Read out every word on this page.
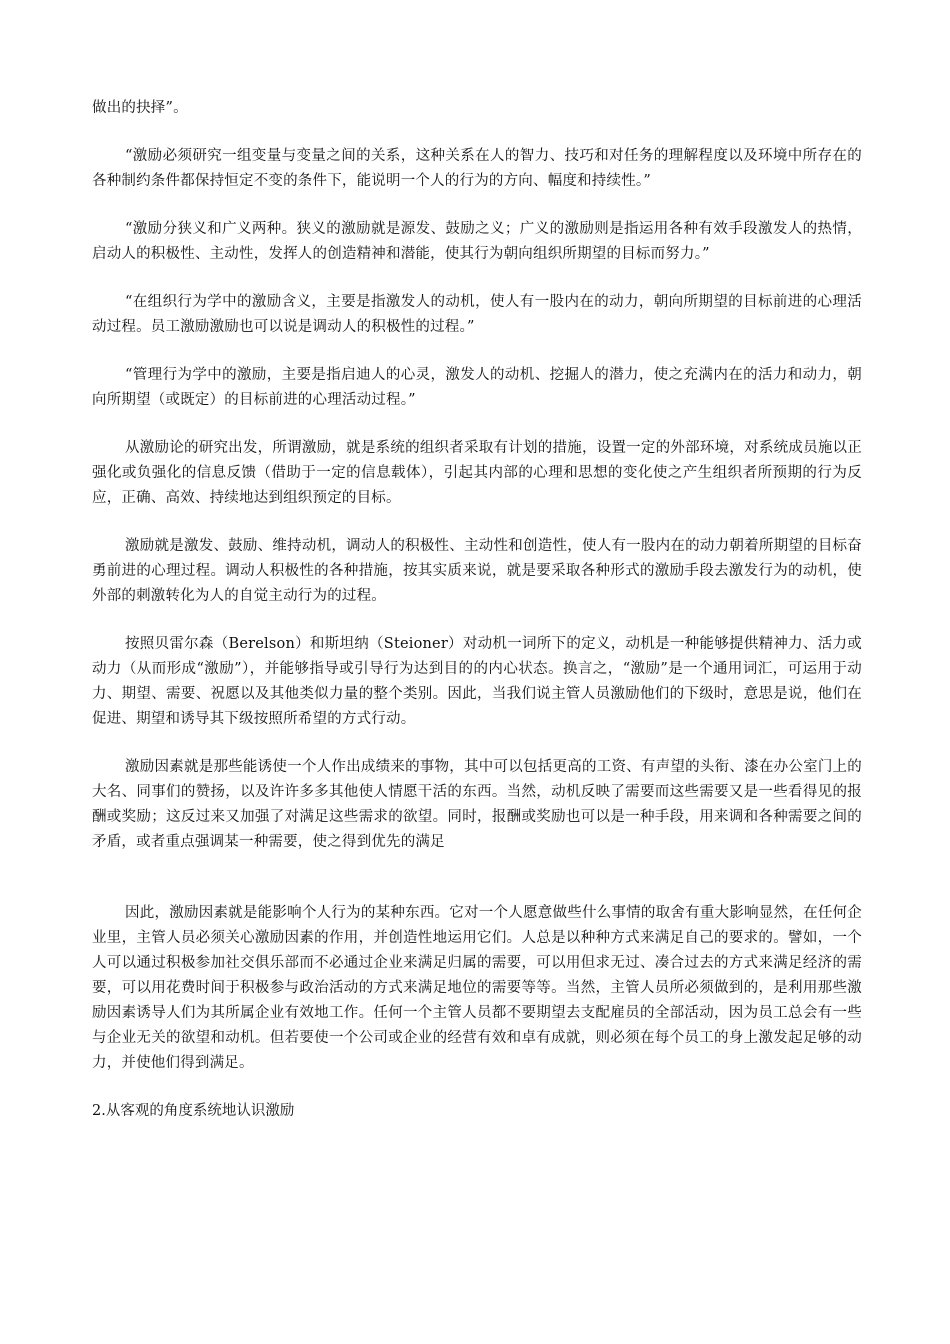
做出的抉择”。

“激励必须研究一组变量与变量之间的关系，这种关系在人的智力、技巧和对任务的理解程度以及环境中所存在的各种制约条件都保持恒定不变的条件下，能说明一个人的行为的方向、幅度和持续性。”

“激励分狭义和广义两种。狭义的激励就是源发、鼓励之义；广义的激励则是指运用各种有效手段激发人的热情，启动人的积极性、主动性，发挥人的创造精神和潜能，使其行为朝向组织所期望的目标而努力。”

“在组织行为学中的激励含义，主要是指激发人的动机，使人有一股内在的动力，朝向所期望的目标前进的心理活动过程。员工激励激励也可以说是调动人的积极性的过程。”

“管理行为学中的激励，主要是指启迪人的心灵，激发人的动机、挖掘人的潜力，使之充满内在的活力和动力，朝向所期望（或既定）的目标前进的心理活动过程。”

从激励论的研究出发，所谓激励，就是系统的组织者采取有计划的措施，设置一定的外部环境，对系统成员施以正强化或负强化的信息反馈（借助于一定的信息载体），引起其内部的心理和思想的变化使之产生组织者所预期的行为反应，正确、高效、持续地达到组织预定的目标。

激励就是激发、鼓励、维持动机，调动人的积极性、主动性和创造性，使人有一股内在的动力朝着所期望的目标奋勇前进的心理过程。调动人积极性的各种措施，按其实质来说，就是要采取各种形式的激励手段去激发行为的动机，使外部的刺激转化为人的自觉主动行为的过程。

按照贝雷尔森（Berelson）和斯坦纳（Steioner）对动机一词所下的定义，动机是一种能够提供精神力、活力或动力（从而形成“激励”），并能够指导或引导行为达到目的的内心状态。换言之，“激励”是一个通用词汇，可运用于动力、期望、需要、祝愿以及其他类似力量的整个类别。因此，当我们说主管人员激励他们的下级时，意思是说，他们在促进、期望和诱导其下级按照所希望的方式行动。

激励因素就是那些能诱使一个人作出成绩来的事物，其中可以包括更高的工资、有声望的头衔、漆在办公室门上的大名、同事们的赞扬，以及许许多多其他使人情愿干活的东西。当然，动机反映了需要而这些需要又是一些看得见的报酬或奖励；这反过来又加强了对满足这些需求的欲望。同时，报酬或奖励也可以是一种手段，用来调和各种需要之间的矛盾，或者重点强调某一种需要，使之得到优先的满足

因此，激励因素就是能影响个人行为的某种东西。它对一个人愿意做些什么事情的取舍有重大影响显然，在任何企业里，主管人员必须关心激励因素的作用，并创造性地运用它们。人总是以种种方式来满足自己的要求的。譬如，一个人可以通过积极参加社交俱乐部而不必通过企业来满足归属的需要，可以用但求无过、凑合过去的方式来满足经济的需要，可以用花费时间于积极参与政治活动的方式来满足地位的需要等等。当然，主管人员所必须做到的，是利用那些激励因素诱导人们为其所属企业有效地工作。任何一个主管人员都不要期望去支配雇员的全部活动，因为员工总会有一些与企业无关的欲望和动机。但若要使一个公司或企业的经营有效和卓有成就，则必须在每个员工的身上激发起足够的动力，并使他们得到满足。

2.从客观的角度系统地认识激励
